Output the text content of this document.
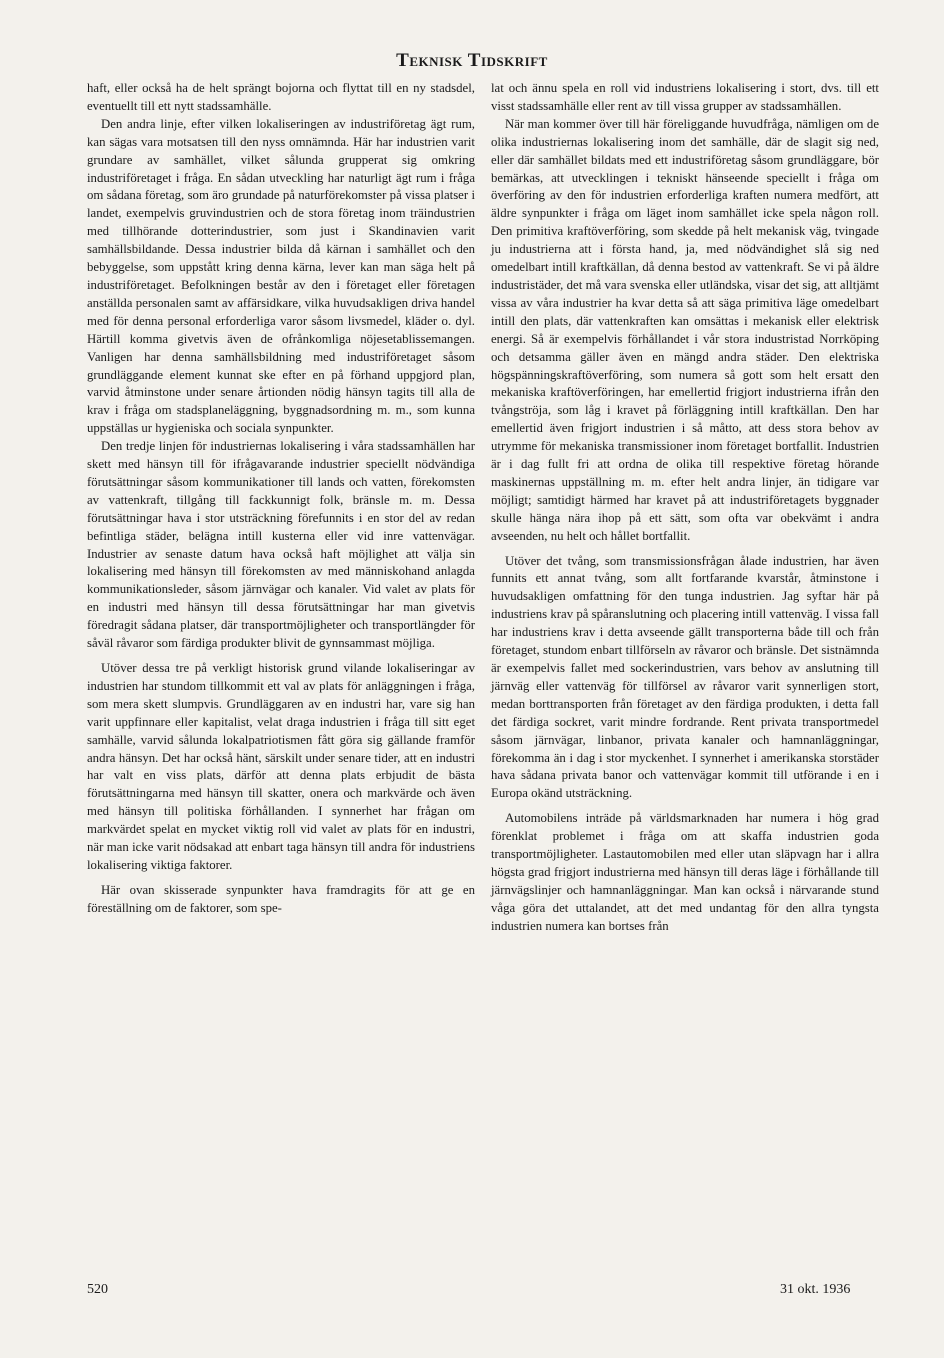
Teknisk Tidskrift

haft, eller också ha de helt sprängt bojorna och flyttat till en ny stadsdel, eventuellt till ett nytt stadssamhälle.

Den andra linje, efter vilken lokaliseringen av industriföretag ägt rum, kan sägas vara motsatsen till den nyss omnämnda. Här har industrien varit grundare av samhället, vilket sålunda grupperat sig omkring industriföretaget i fråga. En sådan utveckling har naturligt ägt rum i fråga om sådana företag, som äro grundade på naturförekomster på vissa platser i landet, exempelvis gruvindustrien och de stora företag inom träindustrien med tillhörande dotterindustrier, som just i Skandinavien varit samhällsbildande. Dessa industrier bilda då kärnan i samhället och den bebyggelse, som uppstått kring denna kärna, lever kan man säga helt på industriföretaget. Befolkningen består av den i företaget eller företagen anställda personalen samt av affärsidkare, vilka huvudsakligen driva handel med för denna personal erforderliga varor såsom livsmedel, kläder o. dyl. Härtill komma givetvis även de ofrånkomliga nöjesetablissemangen. Vanligen har denna samhällsbildning med industriföretaget såsom grundläggande element kunnat ske efter en på förhand uppgjord plan, varvid åtminstone under senare årtionden nödig hänsyn tagits till alla de krav i fråga om stadsplaneläggning, byggnadsordning m. m., som kunna uppställas ur hygieniska och sociala synpunkter.

Den tredje linjen för industriernas lokalisering i våra stadssamhällen har skett med hänsyn till för ifrågavarande industrier speciellt nödvändiga förutsättningar såsom kommunikationer till lands och vatten, förekomsten av vattenkraft, tillgång till fackkunnigt folk, bränsle m. m. Dessa förutsättningar hava i stor utsträckning förefunnits i en stor del av redan befintliga städer, belägna intill kusterna eller vid inre vattenvägar. Industrier av senaste datum hava också haft möjlighet att välja sin lokalisering med hänsyn till förekomsten av med människohand anlagda kommunikationsleder, såsom järnvägar och kanaler. Vid valet av plats för en industri med hänsyn till dessa förutsättningar har man givetvis föredragit sådana platser, där transportmöjligheter och transportlängder för såväl råvaror som färdiga produkter blivit de gynnsammast möjliga.

Utöver dessa tre på verkligt historisk grund vilande lokaliseringar av industrien har stundom tillkommit ett val av plats för anläggningen i fråga, som mera skett slumpvis. Grundläggaren av en industri har, vare sig han varit uppfinnare eller kapitalist, velat draga industrien i fråga till sitt eget samhälle, varvid sålunda lokalpatriotismen fått göra sig gällande framför andra hänsyn. Det har också hänt, särskilt under senare tider, att en industri har valt en viss plats, därför att denna plats erbjudit de bästa förutsättningarna med hänsyn till skatter, onera och markvärde och även med hänsyn till politiska förhållanden. I synnerhet har frågan om markvärdet spelat en mycket viktig roll vid valet av plats för en industri, när man icke varit nödsakad att enbart taga hänsyn till andra för industriens lokalisering viktiga faktorer.

Här ovan skisserade synpunkter hava framdragits för att ge en föreställning om de faktorer, som spe-

lat och ännu spela en roll vid industriens lokalisering i stort, dvs. till ett visst stadssamhälle eller rent av till vissa grupper av stadssamhällen.

När man kommer över till här föreliggande huvudfråga, nämligen om de olika industriernas lokalisering inom det samhälle, där de slagit sig ned, eller där samhället bildats med ett industriföretag såsom grundläggare, bör bemärkas, att utvecklingen i tekniskt hänseende speciellt i fråga om överföring av den för industrien erforderliga kraften numera medfört, att äldre synpunkter i fråga om läget inom samhället icke spela någon roll. Den primitiva kraftöverföring, som skedde på helt mekanisk väg, tvingade ju industrierna att i första hand, ja, med nödvändighet slå sig ned omedelbart intill kraftkällan, då denna bestod av vattenkraft. Se vi på äldre industristäder, det må vara svenska eller utländska, visar det sig, att alltjämt vissa av våra industrier ha kvar detta så att säga primitiva läge omedelbart intill den plats, där vattenkraften kan omsättas i mekanisk eller elektrisk energi. Så är exempelvis förhållandet i vår stora industristad Norrköping och detsamma gäller även en mängd andra städer. Den elektriska högspänningskraftöverföring, som numera så gott som helt ersatt den mekaniska kraftöverföringen, har emellertid frigjort industrierna ifrån den tvångströja, som låg i kravet på förläggning intill kraftkällan. Den har emellertid även frigjort industrien i så måtto, att dess stora behov av utrymme för mekaniska transmissioner inom företaget bortfallit. Industrien är i dag fullt fri att ordna de olika till respektive företag hörande maskinernas uppställning m. m. efter helt andra linjer, än tidigare var möjligt; samtidigt härmed har kravet på att industriföretagets byggnader skulle hänga nära ihop på ett sätt, som ofta var obekvämt i andra avseenden, nu helt och hållet bortfallit.

Utöver det tvång, som transmissionsfrågan ålade industrien, har även funnits ett annat tvång, som allt fortfarande kvarstår, åtminstone i huvudsakligen omfattning för den tunga industrien. Jag syftar här på industriens krav på spåranslutning och placering intill vattenväg. I vissa fall har industriens krav i detta avseende gällt transporterna både till och från företaget, stundom enbart tillförseln av råvaror och bränsle. Det sistnämnda är exempelvis fallet med sockerindustrien, vars behov av anslutning till järnväg eller vattenväg för tillförsel av råvaror varit synnerligen stort, medan borttransporten från företaget av den färdiga produkten, i detta fall det färdiga sockret, varit mindre fordrande. Rent privata transportmedel såsom järnvägar, linbanor, privata kanaler och hamnanläggningar, förekomma än i dag i stor myckenhet. I synnerhet i amerikanska storstäder hava sådana privata banor och vattenvägar kommit till utförande i en i Europa okänd utsträckning.

Automobilens inträde på världsmarknaden har numera i hög grad förenklat problemet i fråga om att skaffa industrien goda transportmöjligheter. Lastautomobilen med eller utan släpvagn har i allra högsta grad frigjort industrierna med hänsyn till deras läge i förhållande till järnvägslinjer och hamnanläggningar. Man kan också i närvarande stund våga göra det uttalandet, att det med undantag för den allra tyngsta industrien numera kan bortses från

520	31 okt. 1936
